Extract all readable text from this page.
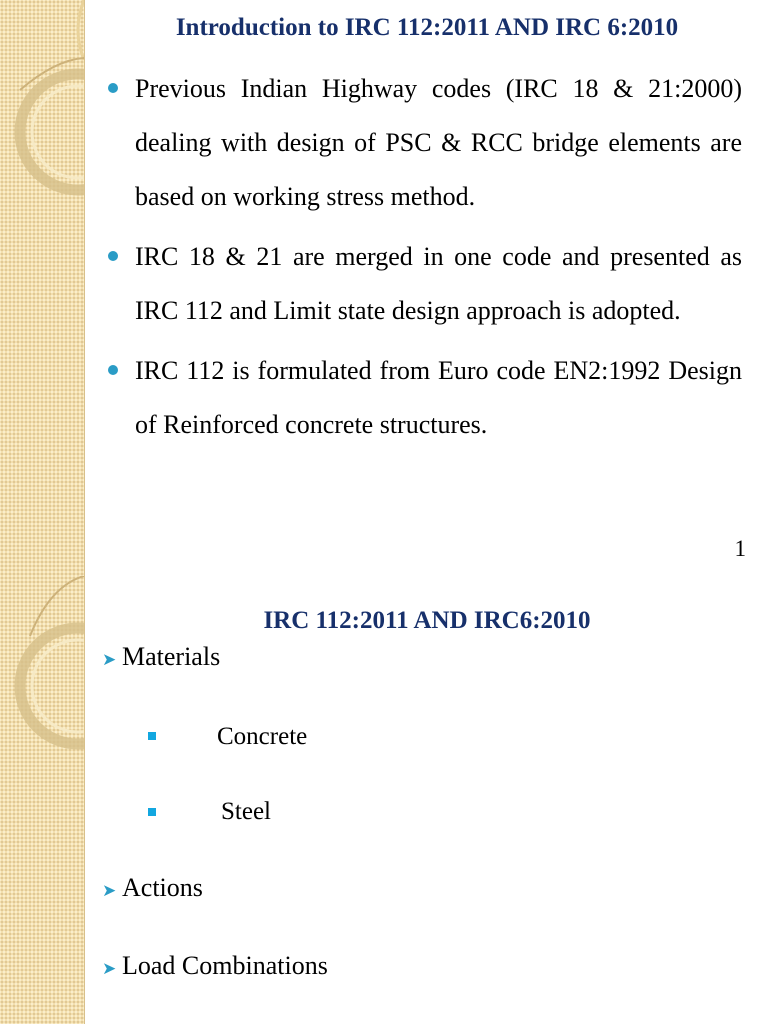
Introduction to IRC 112:2011 AND IRC 6:2010
Previous Indian Highway codes (IRC 18 & 21:2000) dealing with design of PSC & RCC bridge elements are based on working stress method.
IRC 18 & 21 are merged in one code and presented as IRC 112 and Limit state design approach is adopted.
IRC 112 is formulated from Euro code EN2:1992 Design of Reinforced concrete structures.
1
IRC 112:2011 AND IRC6:2010
➤ Materials
Concrete
Steel
➤ Actions
➤ Load Combinations
